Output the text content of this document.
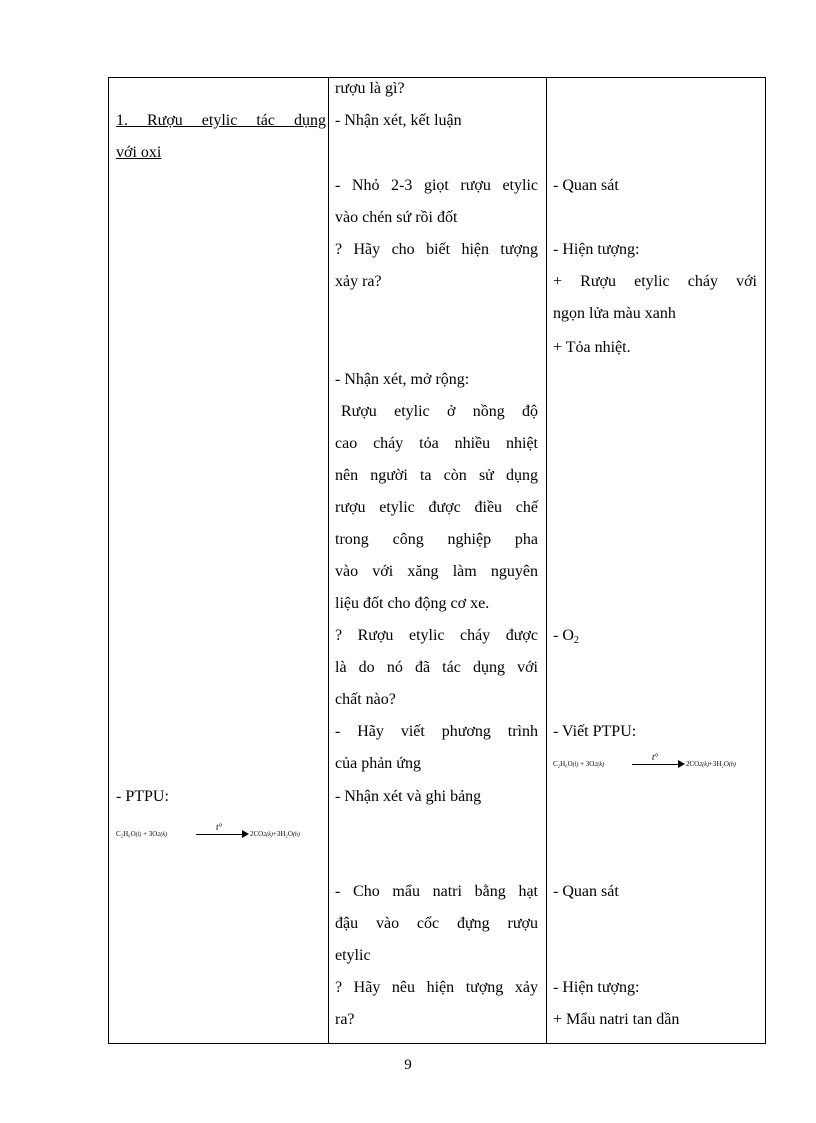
1. Rượu etylic tác dụng
với oxi
- PTPU:
C₂H₆O(l) + 3O2(k)
t°
2CO2(k)+3H₂O(h)
rượu là gì?
- Nhận xét, kết luận
- Nhỏ 2-3 giọt rượu etylic
vào chén sứ rồi đốt
? Hãy cho biết hiện tượng
xảy ra?
- Nhận xét, mở rộng:
Rượu etylic ở nồng độ
cao cháy tỏa nhiều nhiệt
nên người ta còn sử dụng
rượu etylic được điều chế
trong công nghiệp pha
vào với xăng làm nguyên
liệu đốt cho động cơ xe.
? Rượu etylic cháy được
là do nó đã tác dụng với
chất nào?
- Hãy viết phương trình
của phản ứng
- Nhận xét và ghi bảng
- Cho mẩu natri bằng hạt
đậu vào cốc đựng rượu
etylic
? Hãy nêu hiện tượng xảy
ra?
- Quan sát
- Hiện tượng:
+ Rượu etylic cháy với
ngọn lửa màu xanh
+ Tỏa nhiệt.
- $O_2$
- Viết PTPU:
C₂H₆O(l) + 3O2(k)
t°
2CO2(k)+3H₂O(h)
- Quan sát
- Hiện tượng:
+ Mẩu natri tan dần
9
